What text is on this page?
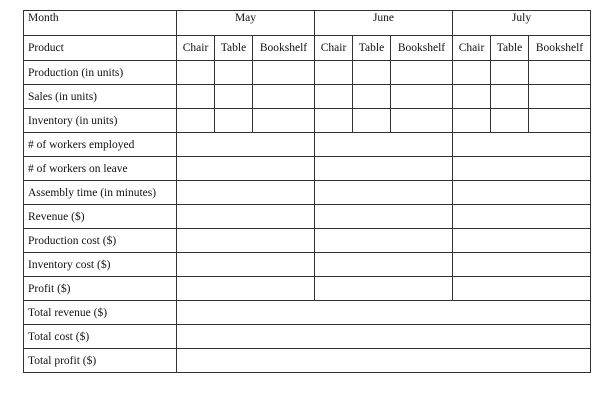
Month	May			June			July		
Product	Chair	Table	Bookshelf	Chair	Table	Bookshelf	Chair	Table	Bookshelf
Production (in units)									
Sales (in units)									
Inventory (in units)									
# of workers employed									
# of workers on leave									
Assembly time (in minutes)									
Revenue ($)									
Production cost ($)									
Inventory cost ($)									
Profit ($)									
Total revenue ($)									
Total cost ($)									
Total profit ($)									
